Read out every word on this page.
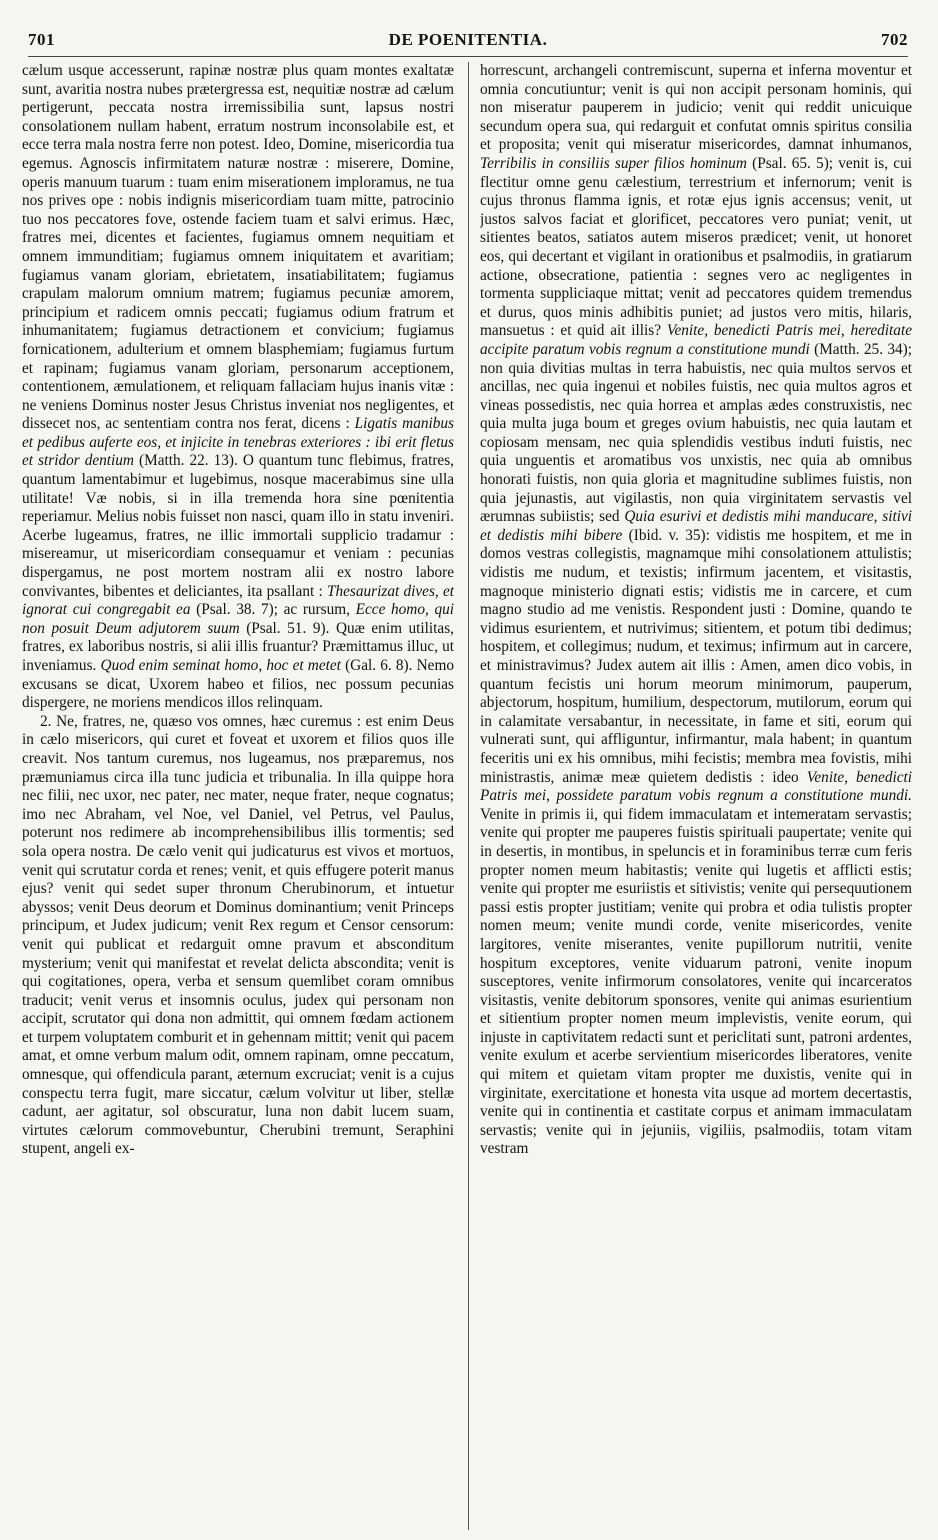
701	DE POENITENTIA.	702

cælum usque accesserunt, rapinæ nostræ plus quam montes exaltatæ sunt, avaritia nostra nubes prætergressa est, nequitiæ nostræ ad cælum pertigerunt, peccata nostra irremissibilia sunt, lapsus nostri consolationem nullam habent, erratum nostrum inconsolabile est, et ecce terra mala nostra ferre non potest. Ideo, Domine, misericordia tua egemus. Agnoscis infirmitatem naturæ nostræ : miserere, Domine, operis manuum tuarum : tuam enim miserationem imploramus, ne tua nos prives ope : nobis indignis misericordiam tuam mitte, patrocinio tuo nos peccatores fove, ostende faciem tuam et salvi erimus. Hæc, fratres mei, dicentes et facientes, fugiamus omnem nequitiam et omnem immunditiam; fugiamus omnem iniquitatem et avaritiam; fugiamus vanam gloriam, ebrietatem, insatiabilitatem; fugiamus crapulam malorum omnium matrem; fugiamus pecuniæ amorem, principium et radicem omnis peccati; fugiamus odium fratrum et inhumanitatem; fugiamus detractionem et convicium; fugiamus fornicationem, adulterium et omnem blasphemiam; fugiamus furtum et rapinam; fugiamus vanam gloriam, personarum acceptionem, contentionem, æmulationem, et reliquam fallaciam hujus inanis vitæ : ne veniens Dominus noster Jesus Christus inveniat nos negligentes, et dissecet nos, ac sententiam contra nos ferat, dicens : Ligatis manibus et pedibus auferte eos, et injicite in tenebras exteriores : ibi erit fletus et stridor dentium (Matth. 22. 13). O quantum tunc flebimus, fratres, quantum lamentabimur et lugebimus, nosque macerabimus sine ulla utilitate! Væ nobis, si in illa tremenda hora sine pœnitentia reperiamur. Melius nobis fuisset non nasci, quam illo in statu inveniri. Acerbe lugeamus, fratres, ne illic immortali supplicio tradamur : misereamur, ut misericordiam consequamur et veniam : pecunias dispergamus, ne post mortem nostram alii ex nostro labore convivantes, bibentes et deliciantes, ita psallant : Thesaurizat dives, et ignorat cui congregabit ea (Psal. 38. 7); ac rursum, Ecce homo, qui non posuit Deum adjutorem suum (Psal. 51. 9). Quæ enim utilitas, fratres, ex laboribus nostris, si alii illis fruantur? Præmittamus illuc, ut inveniamus. Quod enim seminat homo, hoc et metet (Gal. 6. 8). Nemo excusans se dicat, Uxorem habeo et filios, nec possum pecunias dispergere, ne moriens mendicos illos relinquam.

2. Ne, fratres, ne, quæso vos omnes, hæc curemus : est enim Deus in cælo misericors, qui curet et foveat et uxorem et filios quos ille creavit. Nos tantum curemus, nos lugeamus, nos præparemus, nos præmuniamus circa illa tunc judicia et tribunalia. In illa quippe hora nec filii, nec uxor, nec pater, nec mater, neque frater, neque cognatus; imo nec Abraham, vel Noe, vel Daniel, vel Petrus, vel Paulus, poterunt nos redimere ab incomprehensibilibus illis tormentis; sed sola opera nostra. De cælo venit qui judicaturus est vivos et mortuos, venit qui scrutatur corda et renes; venit, et quis effugere poterit manus ejus? venit qui sedet super thronum Cherubinorum, et intuetur abyssos; venit Deus deorum et Dominus dominantium; venit Princeps principum, et Judex judicum; venit Rex regum et Censor censorum: venit qui publicat et redarguit omne pravum et absconditum mysterium; venit qui manifestat et revelat delicta abscondita; venit is qui cogitationes, opera, verba et sensum quemlibet coram omnibus traducit; venit verus et insomnis oculus, judex qui personam non accipit, scrutator qui dona non admittit, qui omnem fœdam actionem et turpem voluptatem comburit et in gehennam mittit; venit qui pacem amat, et omne verbum malum odit, omnem rapinam, omne peccatum, omnesque, qui offendicula parant, æternum excruciat; venit is a cujus conspectu terra fugit, mare siccatur, cælum volvitur ut liber, stellæ cadunt, aer agitatur, sol obscuratur, luna non dabit lucem suam, virtutes cælorum commovebuntur, Cherubini tremunt, Seraphini stupent, angeli ex-

horrescunt, archangeli contremiscunt, superna et inferna moventur et omnia concutiuntur; venit is qui non accipit personam hominis, qui non miseratur pauperem in judicio; venit qui reddit unicuique secundum opera sua, qui redarguit et confutat omnis spiritus consilia et proposita; venit qui miseratur misericordes, damnat inhumanos, Terribilis in consiliis super filios hominum (Psal. 65. 5); venit is, cui flectitur omne genu cælestium, terrestrium et infernorum; venit is cujus thronus flamma ignis, et rotæ ejus ignis accensus; venit, ut justos salvos faciat et glorificet, peccatores vero puniat; venit, ut sitientes beatos, satiatos autem miseros prædicet; venit, ut honoret eos, qui decertant et vigilant in orationibus et psalmodiis, in gratiarum actione, obsecratione, patientia : segnes vero ac negligentes in tormenta suppliciaque mittat; venit ad peccatores quidem tremendus et durus, quos minis adhibitis puniet; ad justos vero mitis, hilaris, mansuetus : et quid ait illis? Venite, benedicti Patris mei, hereditate accipite paratum vobis regnum a constitutione mundi (Matth. 25. 34); non quia divitias multas in terra habuistis, nec quia multos servos et ancillas, nec quia ingenui et nobiles fuistis, nec quia multos agros et vineas possedistis, nec quia horrea et amplas ædes construxistis, nec quia multa juga boum et greges ovium habuistis, nec quia lautam et copiosam mensam, nec quia splendidis vestibus induti fuistis, nec quia unguentis et aromatibus vos unxistis, nec quia ab omnibus honorati fuistis, non quia gloria et magnitudine sublimes fuistis, non quia jejunastis, aut vigilastis, non quia virginitatem servastis vel ærumnas subiistis; sed Quia esurivi et dedistis mihi manducare, sitivi et dedistis mihi bibere (Ibid. v. 35): vidistis me hospitem, et me in domos vestras collegistis, magnamque mihi consolationem attulistis; vidistis me nudum, et texistis; infirmum jacentem, et visitastis, magnoque ministerio dignati estis; vidistis me in carcere, et cum magno studio ad me venistis. Respondent justi : Domine, quando te vidimus esurientem, et nutrivimus; sitientem, et potum tibi dedimus; hospitem, et collegimus; nudum, et teximus; infirmum aut in carcere, et ministravimus? Judex autem ait illis : Amen, amen dico vobis, in quantum fecistis uni horum meorum minimorum, pauperum, abjectorum, hospitum, humilium, despectorum, mutilorum, eorum qui in calamitate versabantur, in necessitate, in fame et siti, eorum qui vulnerati sunt, qui affliguntur, infirmantur, mala habent; in quantum feceritis uni ex his omnibus, mihi fecistis; membra mea fovistis, mihi ministrastis, animæ meæ quietem dedistis : ideo Venite, benedicti Patris mei, possidete paratum vobis regnum a constitutione mundi. Venite in primis ii, qui fidem immaculatam et intemeratam servastis; venite qui propter me pauperes fuistis spirituali paupertate; venite qui in desertis, in montibus, in speluncis et in foraminibus terræ cum feris propter nomen meum habitastis; venite qui lugetis et afflicti estis; venite qui propter me esuriistis et sitivistis; venite qui persequutionem passi estis propter justitiam; venite qui probra et odia tulistis propter nomen meum; venite mundi corde, venite misericordes, venite largitores, venite miserantes, venite pupillorum nutritii, venite hospitum exceptores, venite viduarum patroni, venite inopum susceptores, venite infirmorum consolatores, venite qui incarceratos visitastis, venite debitorum sponsores, venite qui animas esurientium et sitientium propter nomen meum implevistis, venite eorum, qui injuste in captivitatem redacti sunt et periclitati sunt, patroni ardentes, venite exulum et acerbe servientium misericordes liberatores, venite qui mitem et quietam vitam propter me duxistis, venite qui in virginitate, exercitatione et honesta vita usque ad mortem decertastis, venite qui in continentia et castitate corpus et animam immaculatam servastis; venite qui in jejuniis, vigiliis, psalmodiis, totam vitam vestram
